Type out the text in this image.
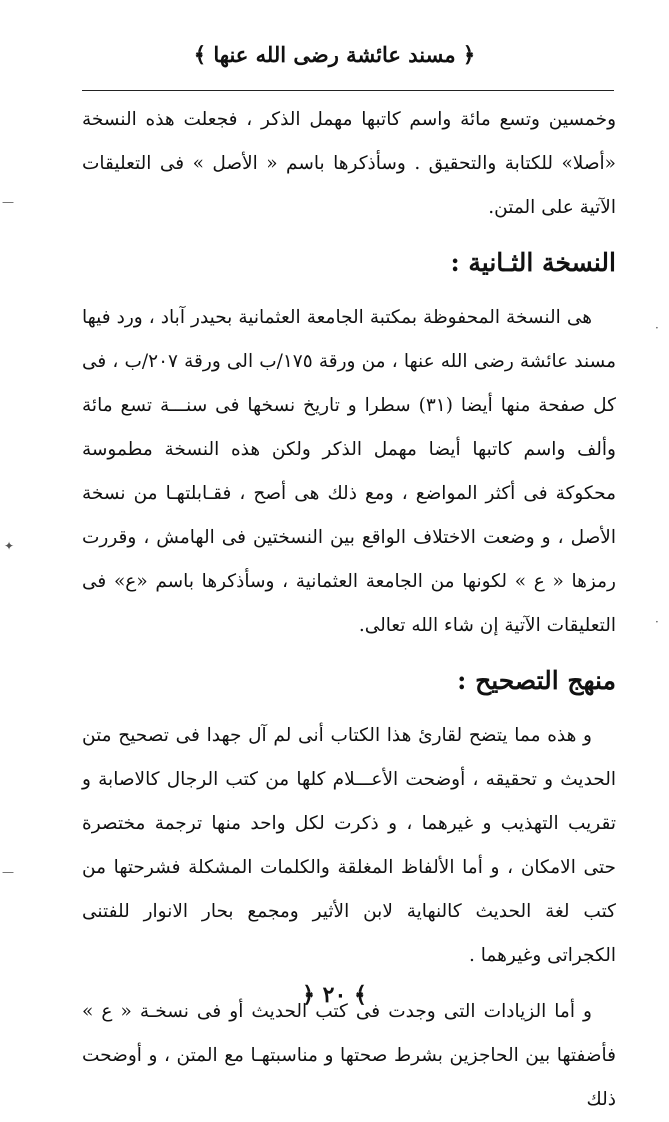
﴿ مسند عائشة رضى الله عنها ﴾

وخمسين وتسع مائة واسم كاتبها مهمل الذكر ، فجعلت هذه النسخة «أصلا» للكتابة والتحقيق . وسأذكرها باسم « الأصل » فى التعليقات الآتية على المتن.

النسخة الثـانية :

هى النسخة المحفوظة بمكتبة الجامعة العثمانية بحيدر آباد ، ورد فيها مسند عائشة رضى الله عنها ، من ورقة ١٧٥/ب الى ورقة ٢٠٧/ب ، فى كل صفحة منها أيضا (٣١) سطرا و تاريخ نسخها فى سنـــة تسع مائة وألف واسم كاتبها أيضا مهمل الذكر ولكن هذه النسخة مطموسة محكوكة فى أكثر المواضع ، ومع ذلك هى أصح ، فقـابلتهـا من نسخة الأصل ، و وضعت الاختلاف الواقع بين النسختين فى الهامش ، وقررت رمزها « ع » لكونها من الجامعة العثمانية ، وسأذكرها باسم «ع» فى التعليقات الآتية إن شاء الله تعالى.

منهج التصحيح :

و هذه مما يتضح لقارئ هذا الكتاب أنى لم آل جهدا فى تصحيح متن الحديث و تحقيقه ، أوضحت الأعـــلام كلها من كتب الرجال كالاصابة و تقريب التهذيب و غيرهما ، و ذكرت لكل واحد منها ترجمة مختصرة حتى الامكان ، و أما الألفاظ المغلقة والكلمات المشكلة فشرحتها من كتب لغة الحديث كالنهاية لابن الأثير ومجمع بحار الانوار للفتنى الكجراتى وغيرهما .

و أما الزيادات التى وجدت فى كتب الحديث أو فى نسخـة « ع » فأضفتها بين الحاجزين بشرط صحتها و مناسبتهـا مع المتن ، و أوضحت ذلك

﴿ ٢٠ ﴾
—
✦
—
·
·
